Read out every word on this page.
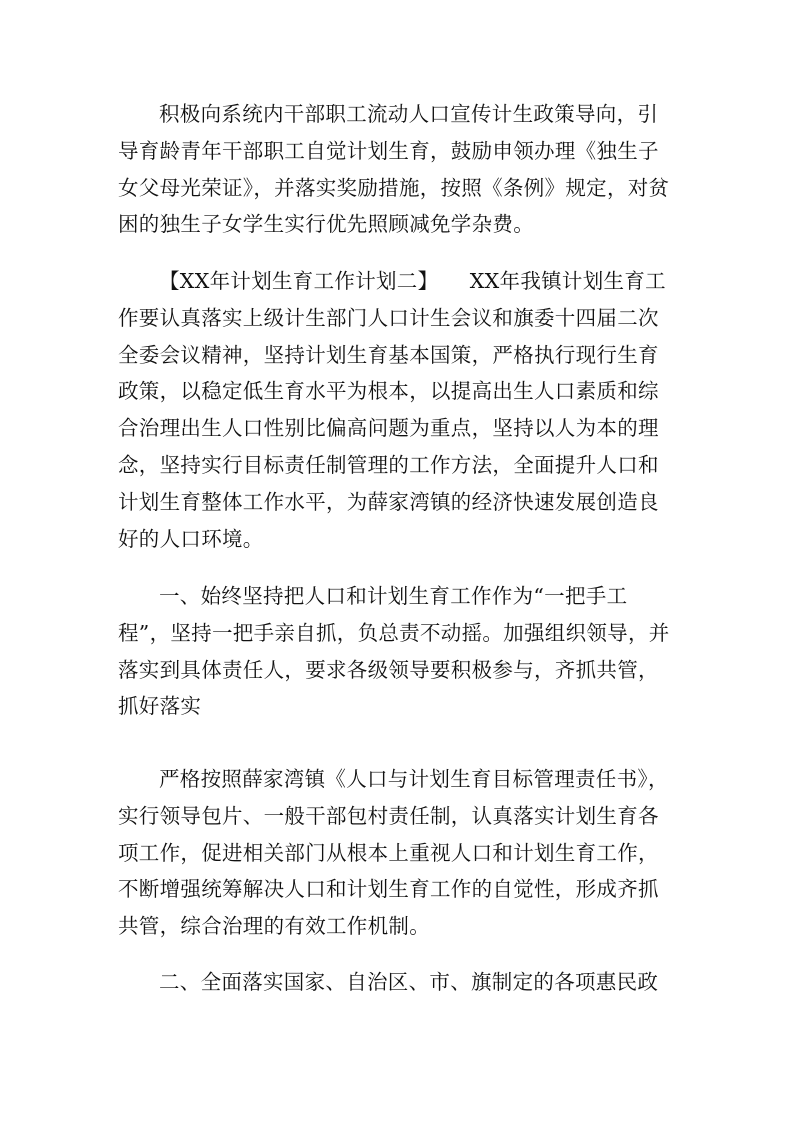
积极向系统内干部职工流动人口宣传计生政策导向，引导育龄青年干部职工自觉计划生育，鼓励申领办理《独生子女父母光荣证》，并落实奖励措施，按照《条例》规定，对贫困的独生子女学生实行优先照顾减免学杂费。

【XX年计划生育工作计划二】　　XX年我镇计划生育工作要认真落实上级计生部门人口计生会议和旗委十四届二次全委会议精神，坚持计划生育基本国策，严格执行现行生育政策，以稳定低生育水平为根本，以提高出生人口素质和综合治理出生人口性别比偏高问题为重点，坚持以人为本的理念，坚持实行目标责任制管理的工作方法，全面提升人口和计划生育整体工作水平，为薛家湾镇的经济快速发展创造良好的人口环境。

一、始终坚持把人口和计划生育工作作为“一把手工程”，坚持一把手亲自抓，负总责不动摇。加强组织领导，并落实到具体责任人，要求各级领导要积极参与，齐抓共管，抓好落实

严格按照薛家湾镇《人口与计划生育目标管理责任书》，实行领导包片、一般干部包村责任制，认真落实计划生育各项工作，促进相关部门从根本上重视人口和计划生育工作，不断增强统筹解决人口和计划生育工作的自觉性，形成齐抓共管，综合治理的有效工作机制。

二、全面落实国家、自治区、市、旗制定的各项惠民政
